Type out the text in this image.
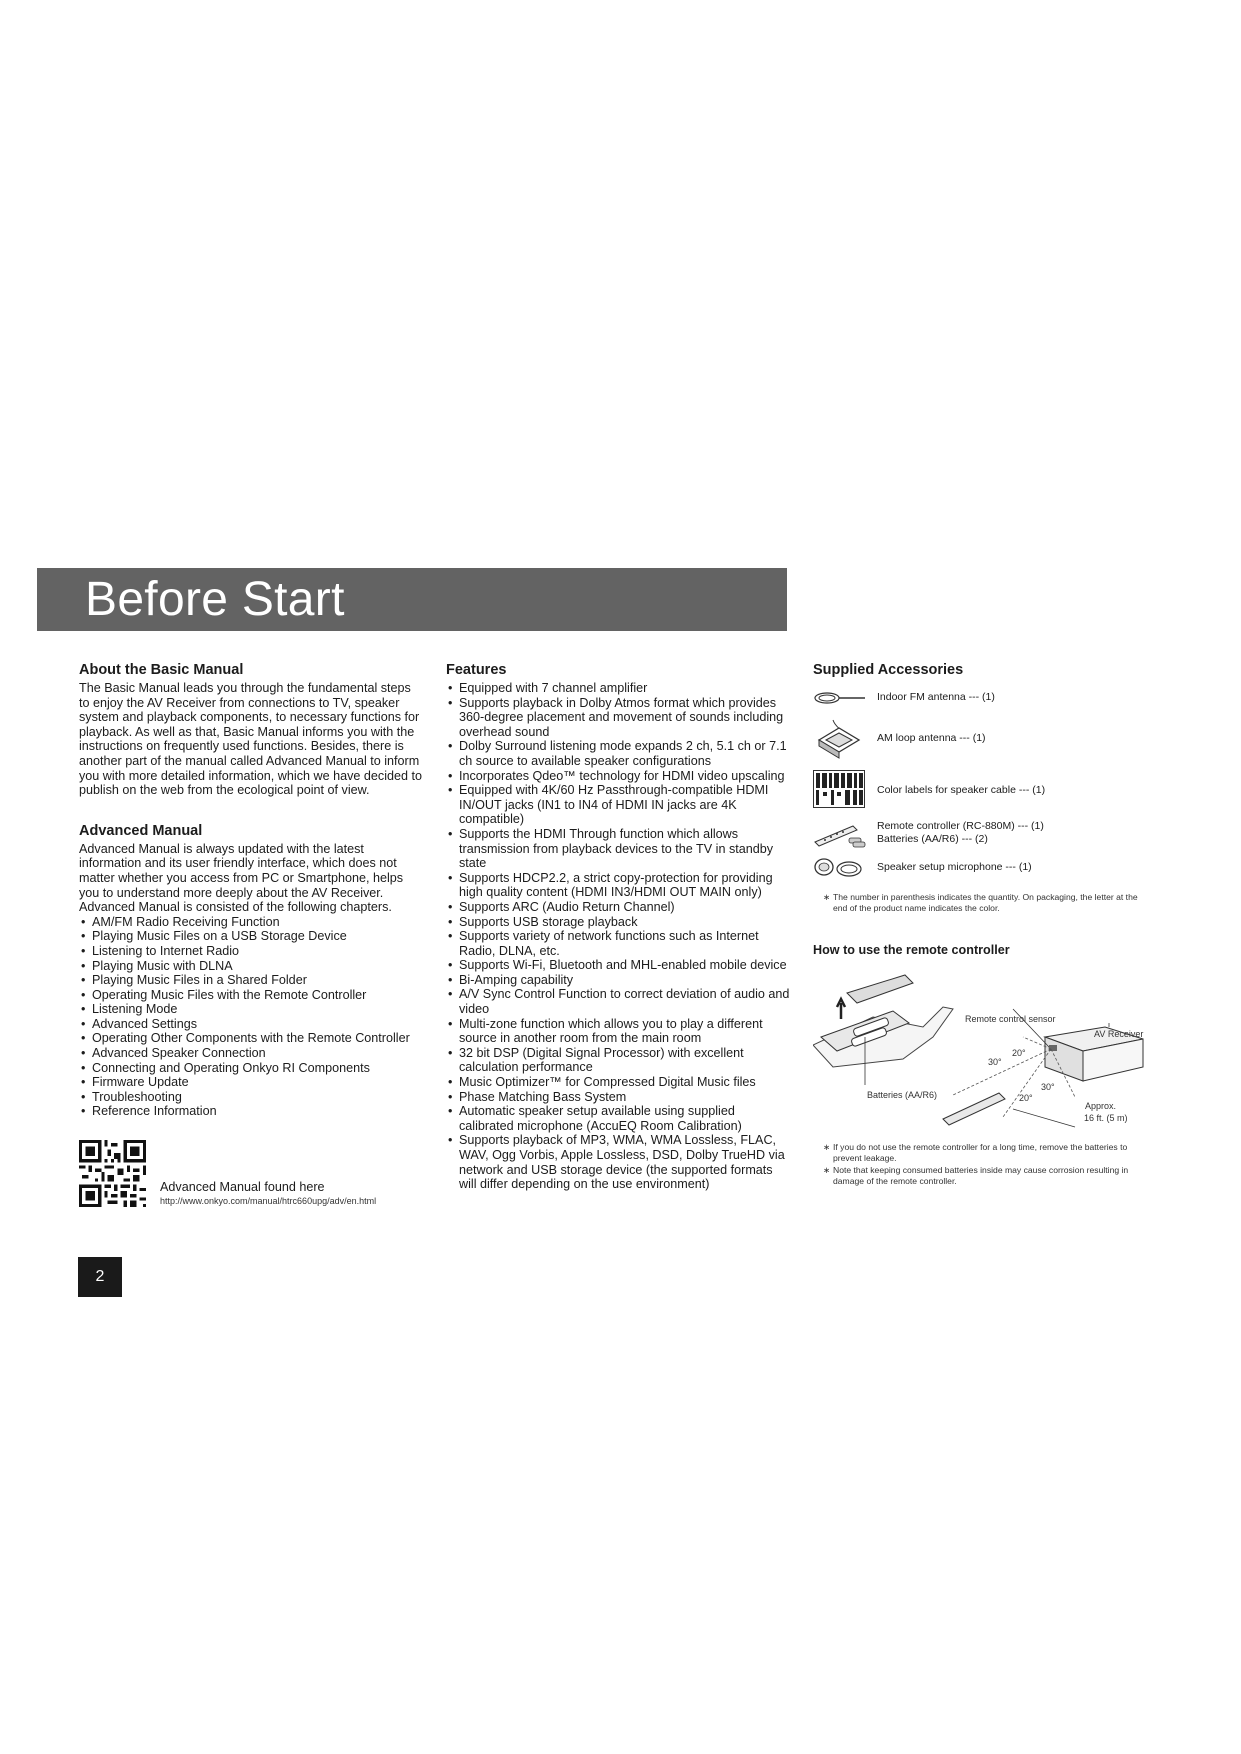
Before Start
About the Basic Manual

The Basic Manual leads you through the fundamental steps to enjoy the AV Receiver from connections to TV, speaker system and playback components, to necessary functions for playback. As well as that, Basic Manual informs you with the instructions on frequently used functions. Besides, there is another part of the manual called Advanced Manual to inform you with more detailed information, which we have decided to publish on the web from the ecological point of view.

Advanced Manual

Advanced Manual is always updated with the latest information and its user friendly interface, which does not matter whether you access from PC or Smartphone, helps you to understand more deeply about the AV Receiver. Advanced Manual is consisted of the following chapters.

• AM/FM Radio Receiving Function
• Playing Music Files on a USB Storage Device
• Listening to Internet Radio
• Playing Music with DLNA
• Playing Music Files in a Shared Folder
• Operating Music Files with the Remote Controller
• Listening Mode
• Advanced Settings
• Operating Other Components with the Remote Controller
• Advanced Speaker Connection
• Connecting and Operating Onkyo RI Components
• Firmware Update
• Troubleshooting
• Reference Information
Advanced Manual found here
http://www.onkyo.com/manual/htrc660upg/adv/en.html
Features
• Equipped with 7 channel amplifier
• Supports playback in Dolby Atmos format which provides 360-degree placement and movement of sounds including overhead sound
• Dolby Surround listening mode expands 2 ch, 5.1 ch or 7.1 ch source to available speaker configurations
• Incorporates Qdeo™ technology for HDMI video upscaling
• Equipped with 4K/60 Hz Passthrough-compatible HDMI IN/OUT jacks (IN1 to IN4 of HDMI IN jacks are 4K compatible)
• Supports the HDMI Through function which allows transmission from playback devices to the TV in standby state
• Supports HDCP2.2, a strict copy-protection for providing high quality content (HDMI IN3/HDMI OUT MAIN only)
• Supports ARC (Audio Return Channel)
• Supports USB storage playback
• Supports variety of network functions such as Internet Radio, DLNA, etc.
• Supports Wi-Fi, Bluetooth and MHL-enabled mobile device
• Bi-Amping capability
• A/V Sync Control Function to correct deviation of audio and video
• Multi-zone function which allows you to play a different source in another room from the main room
• 32 bit DSP (Digital Signal Processor) with excellent calculation performance
• Music Optimizer™ for Compressed Digital Music files
• Phase Matching Bass System
• Automatic speaker setup available using supplied calibrated microphone (AccuEQ Room Calibration)
• Supports playback of MP3, WMA, WMA Lossless, FLAC, WAV, Ogg Vorbis, Apple Lossless, DSD, Dolby TrueHD via network and USB storage device (the supported formats will differ depending on the use environment)
Supplied Accessories
Indoor FM antenna --- (1)
AM loop antenna --- (1)
Color labels for speaker cable --- (1)
Remote controller (RC-880M) --- (1)
Batteries (AA/R6) --- (2)
Speaker setup microphone --- (1)
∗ The number in parenthesis indicates the quantity. On packaging, the letter at the end of the product name indicates the color.
How to use the remote controller
Remote control sensor
AV Receiver
Batteries (AA/R6)
20°
30°
30°
20°
Approx.
16 ft. (5 m)
∗ If you do not use the remote controller for a long time, remove the batteries to prevent leakage.
∗ Note that keeping consumed batteries inside may cause corrosion resulting in damage of the remote controller.
2
